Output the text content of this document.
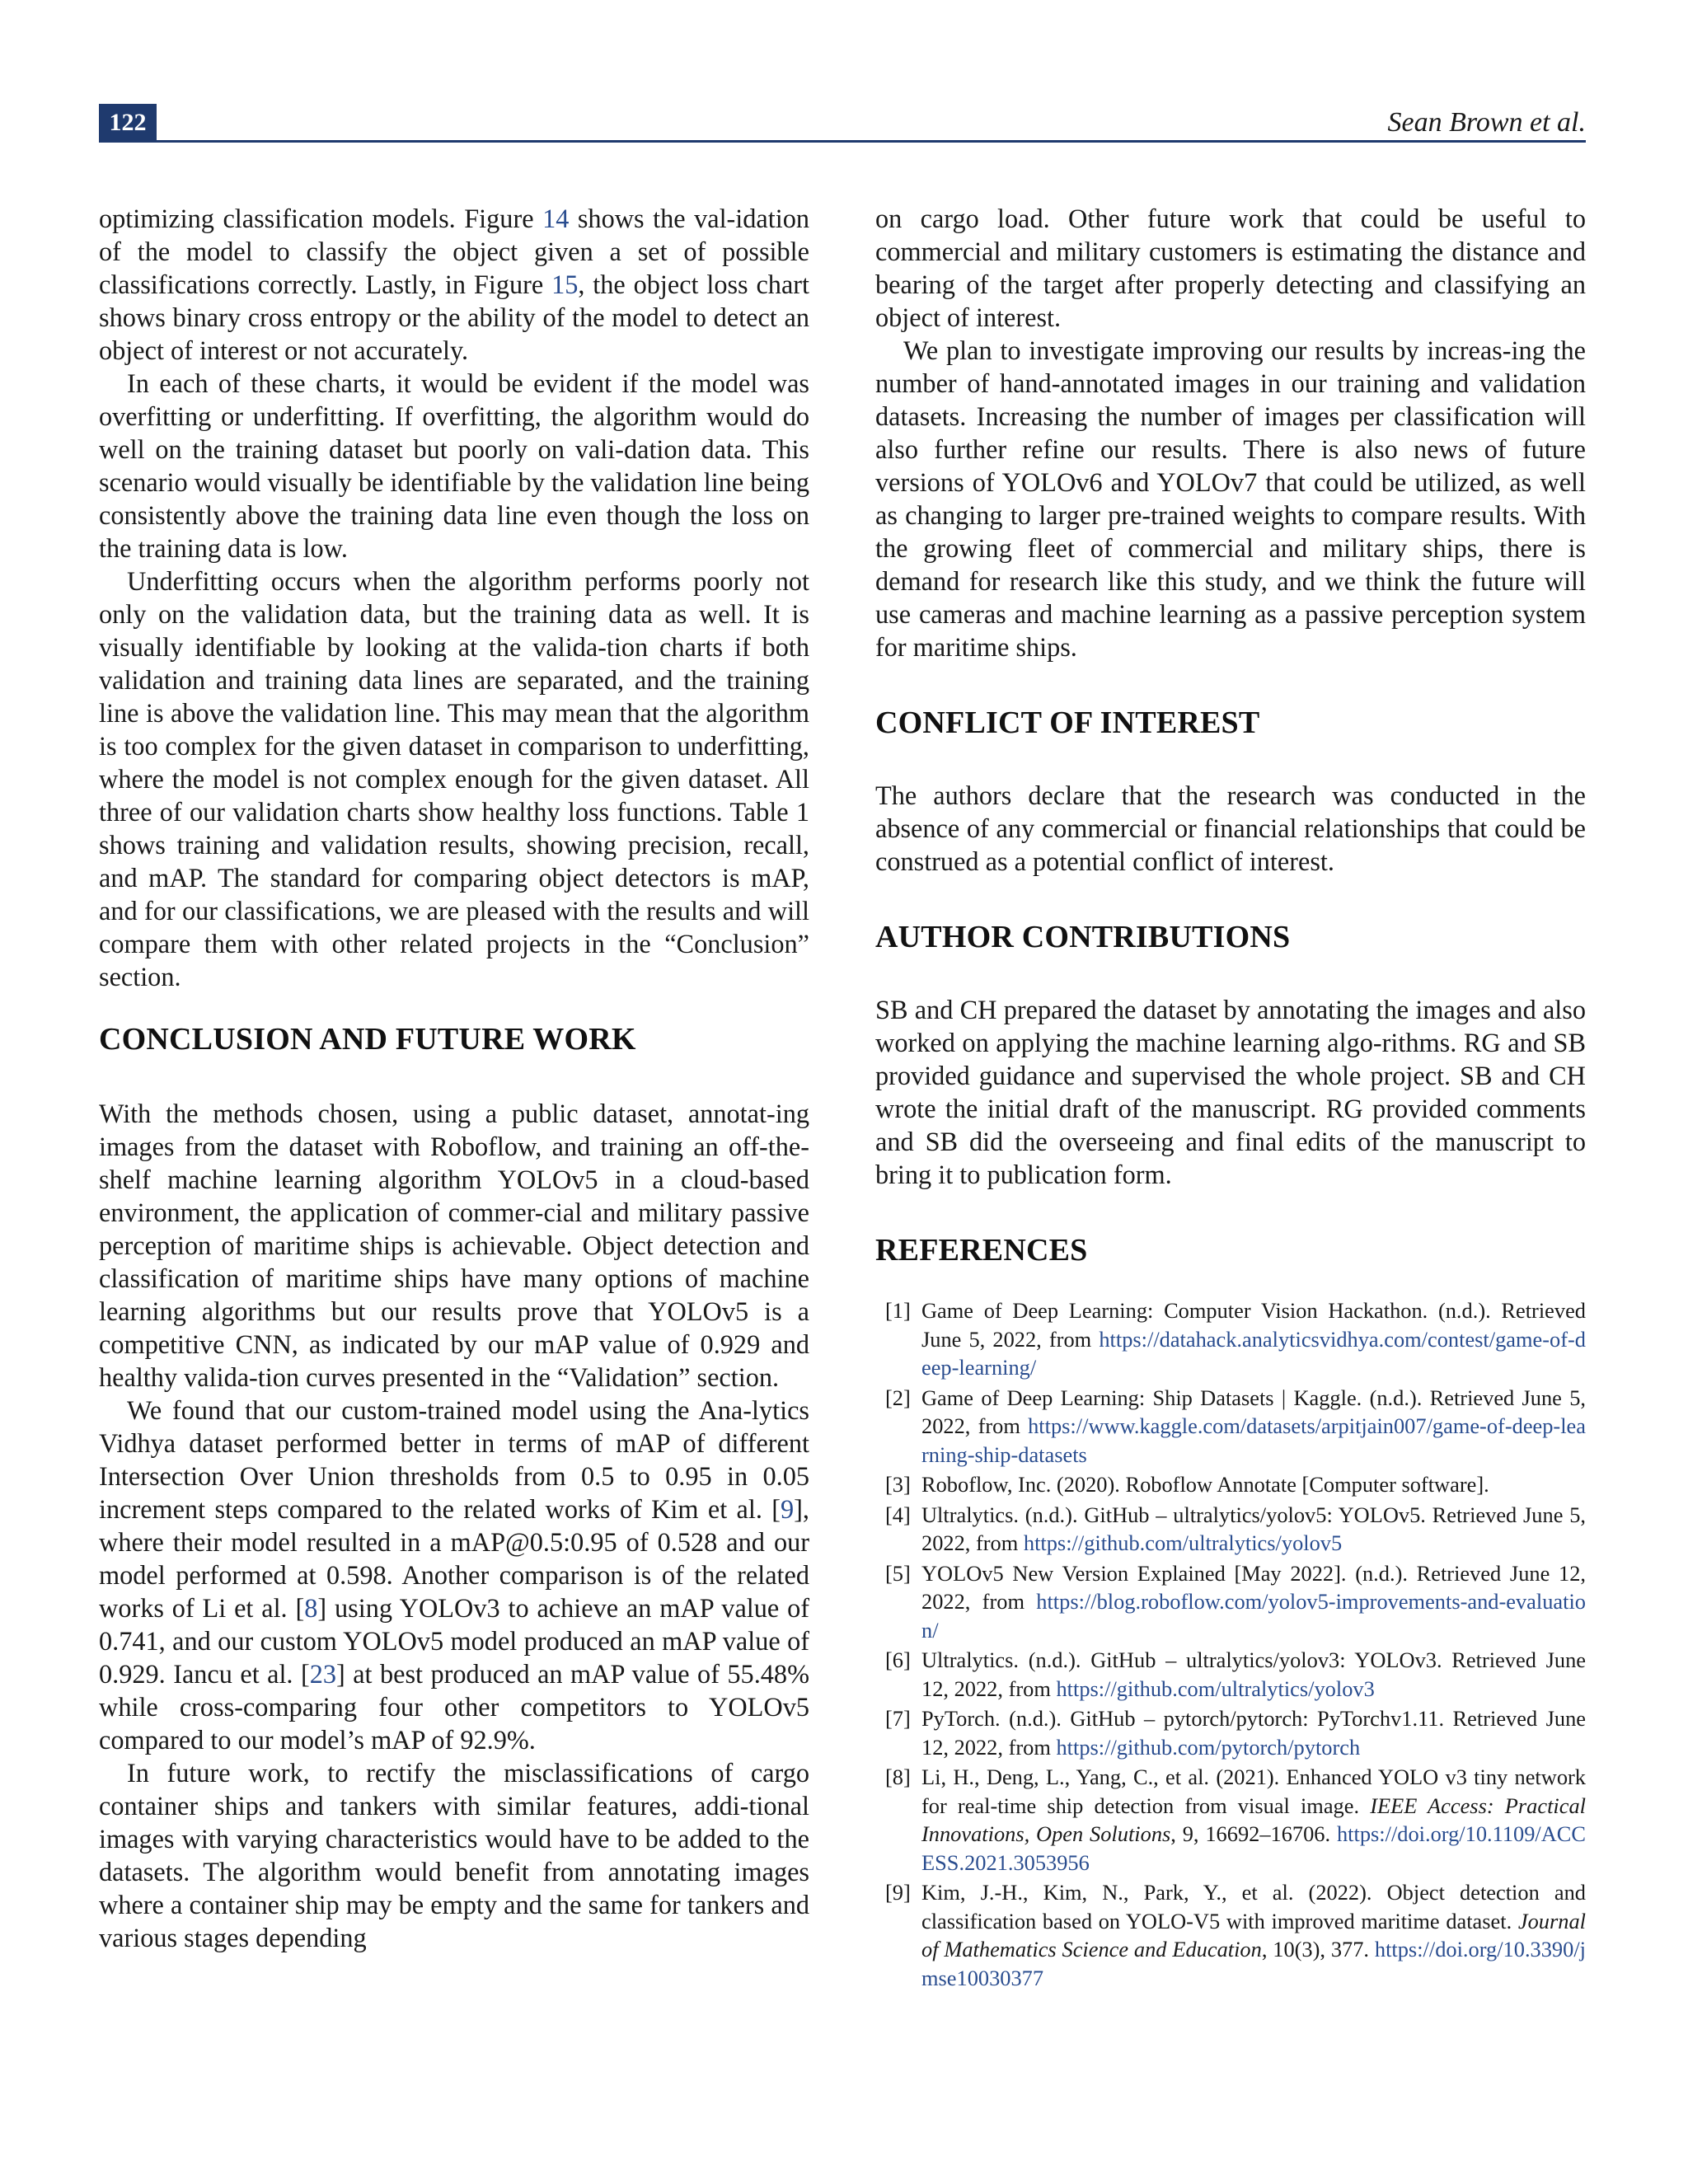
122	Sean Brown et al.

optimizing classification models. Figure 14 shows the val-idation of the model to classify the object given a set of possible classifications correctly. Lastly, in Figure 15, the object loss chart shows binary cross entropy or the ability of the model to detect an object of interest or not accurately.

In each of these charts, it would be evident if the model was overfitting or underfitting. If overfitting, the algorithm would do well on the training dataset but poorly on vali-dation data. This scenario would visually be identifiable by the validation line being consistently above the training data line even though the loss on the training data is low.

Underfitting occurs when the algorithm performs poorly not only on the validation data, but the training data as well. It is visually identifiable by looking at the valida-tion charts if both validation and training data lines are separated, and the training line is above the validation line. This may mean that the algorithm is too complex for the given dataset in comparison to underfitting, where the model is not complex enough for the given dataset. All three of our validation charts show healthy loss functions. Table 1 shows training and validation results, showing precision, recall, and mAP. The standard for comparing object detectors is mAP, and for our classifications, we are pleased with the results and will compare them with other related projects in the “Conclusion” section.

CONCLUSION AND FUTURE WORK

With the methods chosen, using a public dataset, annotat-ing images from the dataset with Roboflow, and training an off-the-shelf machine learning algorithm YOLOv5 in a cloud-based environment, the application of commer-cial and military passive perception of maritime ships is achievable. Object detection and classification of maritime ships have many options of machine learning algorithms but our results prove that YOLOv5 is a competitive CNN, as indicated by our mAP value of 0.929 and healthy valida-tion curves presented in the “Validation” section.

We found that our custom-trained model using the Ana-lytics Vidhya dataset performed better in terms of mAP of different Intersection Over Union thresholds from 0.5 to 0.95 in 0.05 increment steps compared to the related works of Kim et al. [9], where their model resulted in a mAP@0.5:0.95 of 0.528 and our model performed at 0.598. Another comparison is of the related works of Li et al. [8] using YOLOv3 to achieve an mAP value of 0.741, and our custom YOLOv5 model produced an mAP value of 0.929. Iancu et al. [23] at best produced an mAP value of 55.48% while cross-comparing four other competitors to YOLOv5 compared to our model’s mAP of 92.9%.

In future work, to rectify the misclassifications of cargo container ships and tankers with similar features, addi-tional images with varying characteristics would have to be added to the datasets. The algorithm would benefit from annotating images where a container ship may be empty and the same for tankers and various stages depending

on cargo load. Other future work that could be useful to commercial and military customers is estimating the distance and bearing of the target after properly detecting and classifying an object of interest.

We plan to investigate improving our results by increas-ing the number of hand-annotated images in our training and validation datasets. Increasing the number of images per classification will also further refine our results. There is also news of future versions of YOLOv6 and YOLOv7 that could be utilized, as well as changing to larger pre-trained weights to compare results. With the growing fleet of commercial and military ships, there is demand for research like this study, and we think the future will use cameras and machine learning as a passive perception system for maritime ships.

CONFLICT OF INTEREST

The authors declare that the research was conducted in the absence of any commercial or financial relationships that could be construed as a potential conflict of interest.

AUTHOR CONTRIBUTIONS

SB and CH prepared the dataset by annotating the images and also worked on applying the machine learning algo-rithms. RG and SB provided guidance and supervised the whole project. SB and CH wrote the initial draft of the manuscript. RG provided comments and SB did the overseeing and final edits of the manuscript to bring it to publication form.

REFERENCES
[1] Game of Deep Learning: Computer Vision Hackathon. (n.d.). Retrieved June 5, 2022, from https://datahack.analyticsvidhya.com/contest/game-of-deep-learning/
[2] Game of Deep Learning: Ship Datasets | Kaggle. (n.d.). Retrieved June 5, 2022, from https://www.kaggle.com/datasets/arpitjain007/game-of-deep-learning-ship-datasets
[3] Roboflow, Inc. (2020). Roboflow Annotate [Computer software].
[4] Ultralytics. (n.d.). GitHub – ultralytics/yolov5: YOLOv5. Retrieved June 5, 2022, from https://github.com/ultralytics/yolov5
[5] YOLOv5 New Version Explained [May 2022]. (n.d.). Retrieved June 12, 2022, from https://blog.roboflow.com/yolov5-improvements-and-evaluation/
[6] Ultralytics. (n.d.). GitHub – ultralytics/yolov3: YOLOv3. Retrieved June 12, 2022, from https://github.com/ultralytics/yolov3
[7] PyTorch. (n.d.). GitHub – pytorch/pytorch: PyTorchv1.11. Retrieved June 12, 2022, from https://github.com/pytorch/pytorch
[8] Li, H., Deng, L., Yang, C., et al. (2021). Enhanced YOLO v3 tiny network for real-time ship detection from visual image. IEEE Access: Practical Innovations, Open Solutions, 9, 16692–16706. https://doi.org/10.1109/ACCESS.2021.3053956
[9] Kim, J.-H., Kim, N., Park, Y., et al. (2022). Object detection and classification based on YOLO-V5 with improved maritime dataset. Journal of Mathematics Science and Education, 10(3), 377. https://doi.org/10.3390/jmse10030377
